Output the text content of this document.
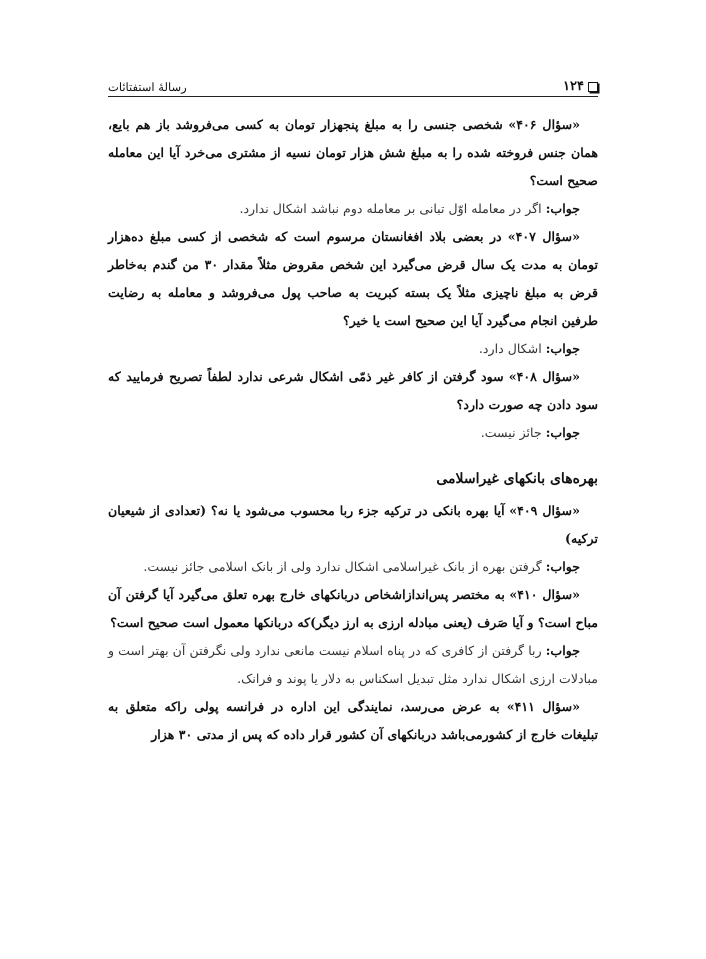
۱۲۴
رسالۀ استفتائات

«سؤال ۴۰۶» شخصی جنسی را به مبلغ پنجهزار تومان به کسی می‌فروشد باز هم بایع، همان جنس فروخته شده را به مبلغ شش هزار تومان نسیه از مشتری می‌خرد آیا این معامله صحیح است؟

جواب: اگر در معامله اوّل تبانی بر معامله دوم نباشد اشکال ندارد.

«سؤال ۴۰۷» در بعضی بلاد افغانستان مرسوم است که شخصی از کسی مبلغ ده‌هزار تومان به مدت یک سال قرض می‌گیرد این شخص مقروض مثلاً مقدار ۳۰ من گندم به‌خاطر قرض به مبلغ ناچیزی مثلاً یک بسته کبریت به صاحب پول می‌فروشد و معامله به رضایت طرفین انجام می‌گیرد آیا این صحیح است یا خیر؟

جواب: اشکال دارد.

«سؤال ۴۰۸» سود گرفتن از کافر غیر ذمّی اشکال شرعی ندارد لطفاً تصریح فرمایید که سود دادن چه صورت دارد؟

جواب: جائز نیست.

بهره‌های بانکهای غیراسلامی

«سؤال ۴۰۹» آیا بهره بانکی در ترکیه جزء ربا محسوب می‌شود یا نه؟ (تعدادی از شیعیان ترکیه)

جواب: گرفتن بهره از بانک غیراسلامی اشکال ندارد ولی از بانک اسلامی جائز نیست.

«سؤال ۴۱۰» به مختصر پس‌اندازاشخاص دربانکهای خارج بهره تعلق می‌گیرد آیا گرفتن آن مباح است؟ و آیا صَرف (یعنی مبادله ارزی به ارز دیگر)که دربانکها معمول است صحیح است؟

جواب: ربا گرفتن از کافری که در پناه اسلام نیست مانعی ندارد ولی نگرفتن آن بهتر است و مبادلات ارزی اشکال ندارد مثل تبدیل اسکناس به دلار یا پوند و فرانک.

«سؤال ۴۱۱» به عرض می‌رسد، نمایندگی این اداره در فرانسه پولی راکه متعلق به تبلیغات خارج از کشورمی‌باشد دربانکهای آن کشور قرار داده که پس از مدتی ۳۰ هزار
